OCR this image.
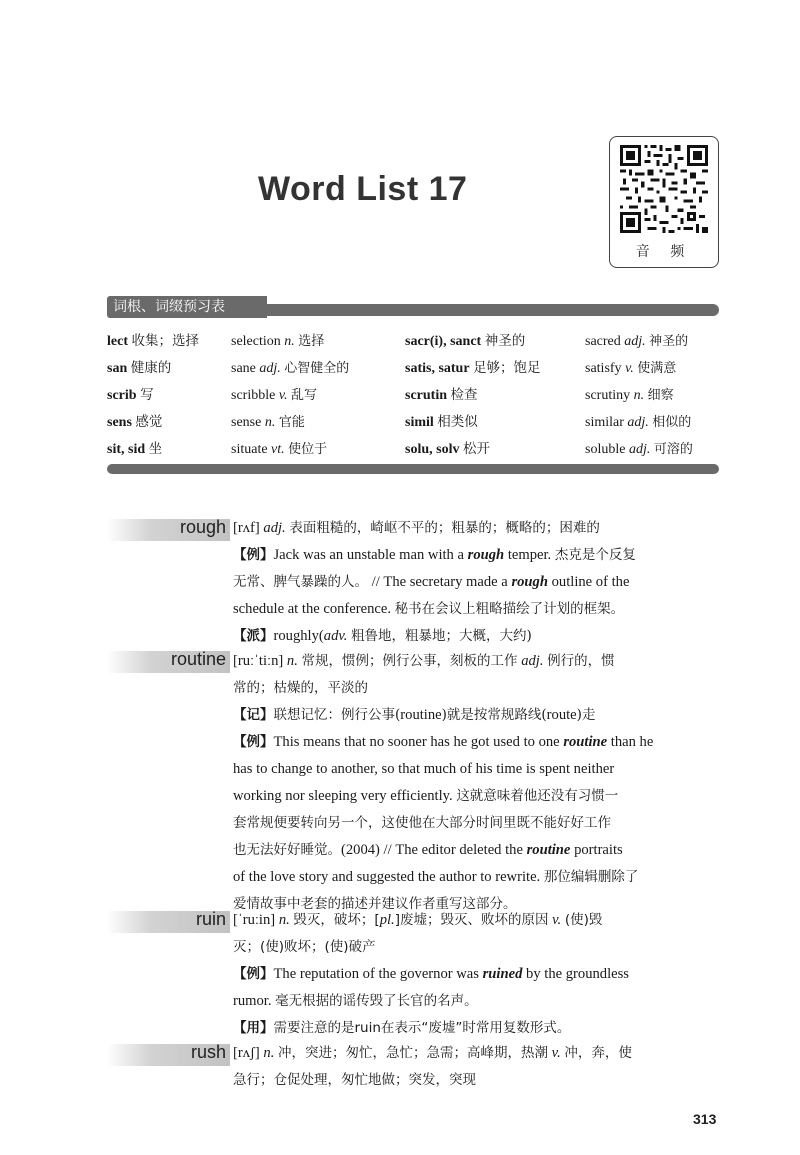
Word List 17
音 频
词根、词缀预习表
lect 收集；选择	selection n. 选择	sacr(i), sanct 神圣的	sacred adj. 神圣的
san 健康的	sane adj. 心智健全的	satis, satur 足够；饱足	satisfy v. 使满意
scrib 写	scribble v. 乱写	scrutin 检查	scrutiny n. 细察
sens 感觉	sense n. 官能	simil 相类似	similar adj. 相似的
sit, sid 坐	situate vt. 使位于	solu, solv 松开	soluble adj. 可溶的
rough [rʌf] adj. 表面粗糙的，崎岖不平的；粗暴的；概略的；困难的
【例】Jack was an unstable man with a rough temper. 杰克是个反复
无常、脾气暴躁的人。 // The secretary made a rough outline of the
schedule at the conference. 秘书在会议上粗略描绘了计划的框架。
【派】roughly(adv. 粗鲁地，粗暴地；大概，大约)
routine [ruːˈtiːn] n. 常规，惯例；例行公事，刻板的工作 adj. 例行的，惯
常的；枯燥的，平淡的
【记】联想记忆：例行公事(routine)就是按常规路线(route)走
【例】This means that no sooner has he got used to one routine than he
has to change to another, so that much of his time is spent neither
working nor sleeping very efficiently. 这就意味着他还没有习惯一
套常规便要转向另一个，这使他在大部分时间里既不能好好工作
也无法好好睡觉。(2004) // The editor deleted the routine portraits
of the love story and suggested the author to rewrite. 那位编辑删除了
爱情故事中老套的描述并建议作者重写这部分。
ruin [ˈruːin] n. 毁灭，破坏；[pl.]废墟；毁灭、败坏的原因 v. (使)毁
灭；(使)败坏；(使)破产
【例】The reputation of the governor was ruined by the groundless
rumor. 毫无根据的谣传毁了长官的名声。
【用】需要注意的是ruin在表示“废墟”时常用复数形式。
rush [rʌʃ] n. 冲，突进；匆忙，急忙；急需；高峰期，热潮 v. 冲，奔，使
急行；仓促处理，匆忙地做；突发，突现
313
